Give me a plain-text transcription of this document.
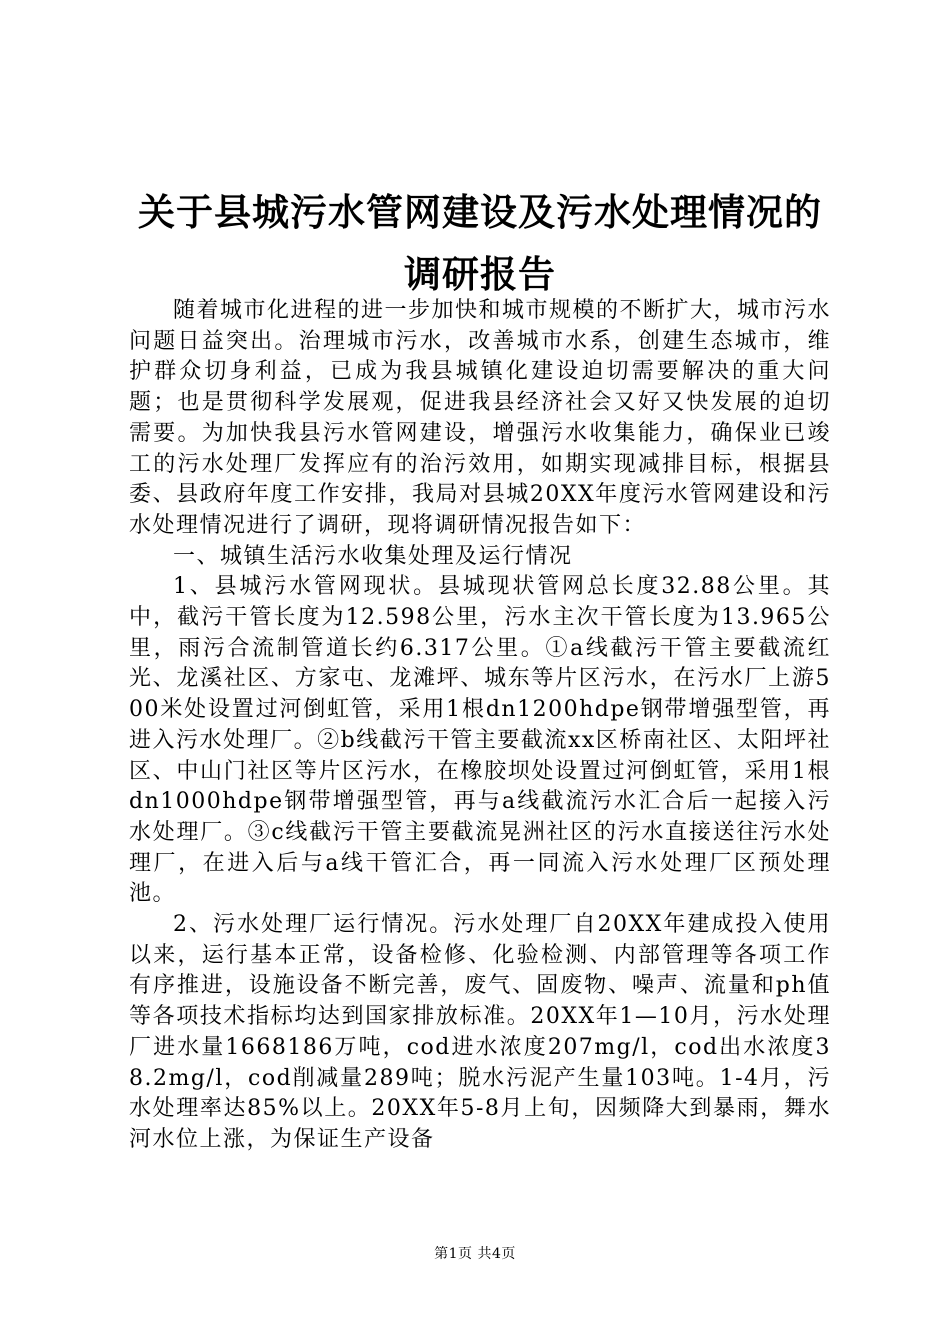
关于县城污水管网建设及污水处理情况的调研报告

随着城市化进程的进一步加快和城市规模的不断扩大，城市污水问题日益突出。治理城市污水，改善城市水系，创建生态城市，维护群众切身利益，已成为我县城镇化建设迫切需要解决的重大问题；也是贯彻科学发展观，促进我县经济社会又好又快发展的迫切需要。为加快我县污水管网建设，增强污水收集能力，确保业已竣工的污水处理厂发挥应有的治污效用，如期实现减排目标，根据县委、县政府年度工作安排，我局对县城20XX年度污水管网建设和污水处理情况进行了调研，现将调研情况报告如下：

一、城镇生活污水收集处理及运行情况

1、县城污水管网现状。县城现状管网总长度32.88公里。其中，截污干管长度为12.598公里，污水主次干管长度为13.965公里，雨污合流制管道长约6.317公里。①a线截污干管主要截流红光、龙溪社区、方家屯、龙滩坪、城东等片区污水，在污水厂上游500米处设置过河倒虹管，采用1根dn1200hdpe钢带增强型管，再进入污水处理厂。②b线截污干管主要截流xx区桥南社区、太阳坪社区、中山门社区等片区污水，在橡胶坝处设置过河倒虹管，采用1根dn1000hdpe钢带增强型管，再与a线截流污水汇合后一起接入污水处理厂。③c线截污干管主要截流晃洲社区的污水直接送往污水处理厂，在进入后与a线干管汇合，再一同流入污水处理厂区预处理池。

2、污水处理厂运行情况。污水处理厂自20XX年建成投入使用以来，运行基本正常，设备检修、化验检测、内部管理等各项工作有序推进，设施设备不断完善，废气、固废物、噪声、流量和ph值等各项技术指标均达到国家排放标准。20XX年1—10月，污水处理厂进水量1668186万吨，cod进水浓度207mg/l，cod出水浓度38.2mg/l，cod削减量289吨；脱水污泥产生量103吨。1-4月，污水处理率达85%以上。20XX年5-8月上旬，因频降大到暴雨，舞水河水位上涨，为保证生产设备

第1页 共4页
